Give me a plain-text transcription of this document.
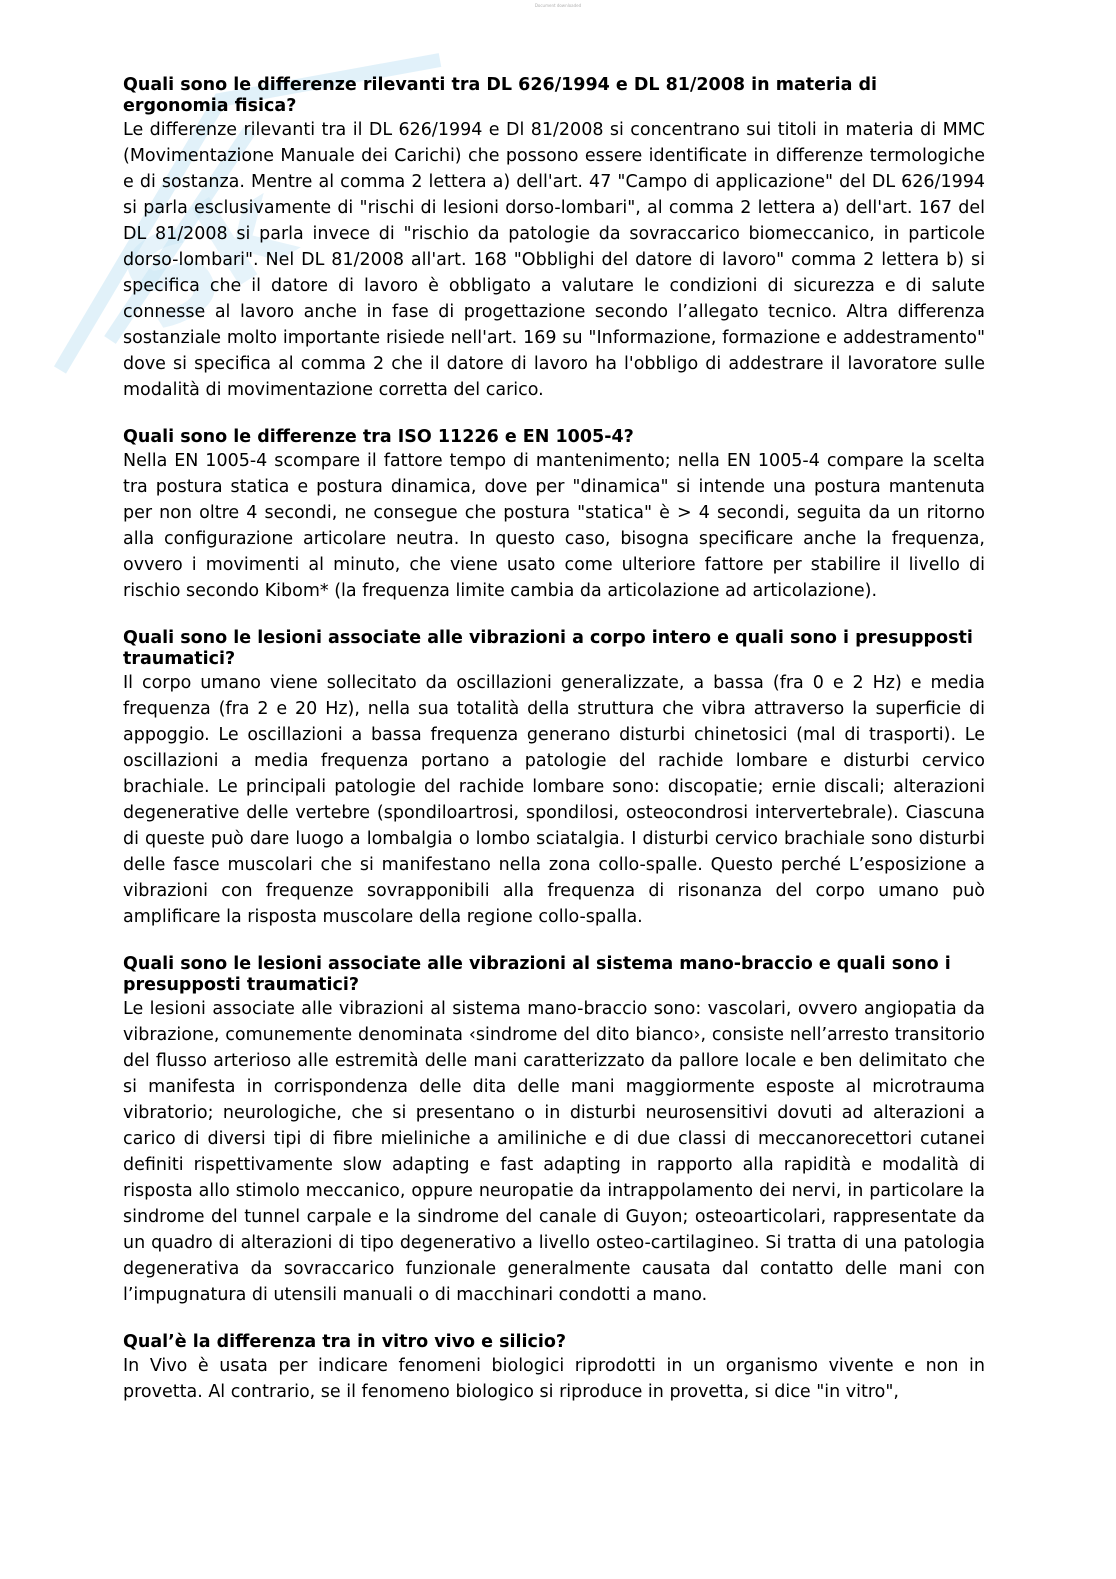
Document downloaded
Sk

Quali sono le differenze rilevanti tra DL 626/1994 e DL 81/2008 in materia di ergonomia fisica?

Le differenze rilevanti tra il DL 626/1994 e Dl 81/2008 si concentrano sui titoli in materia di MMC (Movimentazione Manuale dei Carichi) che possono essere identificate in differenze termologiche e di sostanza. Mentre al comma 2 lettera a) dell'art. 47 "Campo di applicazione" del DL 626/1994 si parla esclusivamente di "rischi di lesioni dorso-lombari", al comma 2 lettera a) dell'art. 167 del DL 81/2008 si parla invece di "rischio da patologie da sovraccarico biomeccanico, in particole dorso-lombari". Nel DL 81/2008 all'art. 168 "Obblighi del datore di lavoro" comma 2 lettera b) si specifica che il datore di lavoro è obbligato a valutare le condizioni di sicurezza e di salute connesse al lavoro anche in fase di progettazione secondo l’allegato tecnico. Altra differenza sostanziale molto importante risiede nell'art. 169 su "Informazione, formazione e addestramento" dove si specifica al comma 2 che il datore di lavoro ha l'obbligo di addestrare il lavoratore sulle modalità di movimentazione corretta del carico.

Quali sono le differenze tra ISO 11226 e EN 1005-4?

Nella EN 1005-4 scompare il fattore tempo di mantenimento; nella EN 1005-4 compare la scelta tra postura statica e postura dinamica, dove per "dinamica" si intende una postura mantenuta per non oltre 4 secondi, ne consegue che postura "statica" è > 4 secondi, seguita da un ritorno alla configurazione articolare neutra. In questo caso, bisogna specificare anche la frequenza, ovvero i movimenti al minuto, che viene usato come ulteriore fattore per stabilire il livello di rischio secondo Kibom* (la frequenza limite cambia da articolazione ad articolazione).

Quali sono le lesioni associate alle vibrazioni a corpo intero e quali sono i presupposti traumatici?

Il corpo umano viene sollecitato da oscillazioni generalizzate, a bassa (fra 0 e 2 Hz) e media frequenza (fra 2 e 20 Hz), nella sua totalità della struttura che vibra attraverso la superficie di appoggio. Le oscillazioni a bassa frequenza generano disturbi chinetosici (mal di trasporti). Le oscillazioni a media frequenza portano a patologie del rachide lombare e disturbi cervico brachiale. Le principali patologie del rachide lombare sono: discopatie; ernie discali; alterazioni degenerative delle vertebre (spondiloartrosi, spondilosi, osteocondrosi intervertebrale). Ciascuna di queste può dare luogo a lombalgia o lombo sciatalgia. I disturbi cervico brachiale sono disturbi delle fasce muscolari che si manifestano nella zona collo-spalle. Questo perché L’esposizione a vibrazioni con frequenze sovrapponibili alla frequenza di risonanza del corpo umano può amplificare la risposta muscolare della regione collo-spalla.

Quali sono le lesioni associate alle vibrazioni al sistema mano-braccio e quali sono i presupposti traumatici?

Le lesioni associate alle vibrazioni al sistema mano-braccio sono: vascolari, ovvero angiopatia da vibrazione, comunemente denominata ‹sindrome del dito bianco›, consiste nell’arresto transitorio del flusso arterioso alle estremità delle mani caratterizzato da pallore locale e ben delimitato che si manifesta in corrispondenza delle dita delle mani maggiormente esposte al microtrauma vibratorio; neurologiche, che si presentano o in disturbi neurosensitivi dovuti ad alterazioni a carico di diversi tipi di fibre mieliniche a amiliniche e di due classi di meccanorecettori cutanei definiti rispettivamente slow adapting e fast adapting in rapporto alla rapidità e modalità di risposta allo stimolo meccanico, oppure neuropatie da intrappolamento dei nervi, in particolare la sindrome del tunnel carpale e la sindrome del canale di Guyon; osteoarticolari, rappresentate da un quadro di alterazioni di tipo degenerativo a livello osteo-cartilagineo. Si tratta di una patologia degenerativa da sovraccarico funzionale generalmente causata dal contatto delle mani con l’impugnatura di utensili manuali o di macchinari condotti a mano.

Qual’è la differenza tra in vitro vivo e silicio?

In Vivo è usata per indicare fenomeni biologici riprodotti in un organismo vivente e non in provetta. Al contrario, se il fenomeno biologico si riproduce in provetta, si dice "in vitro",
